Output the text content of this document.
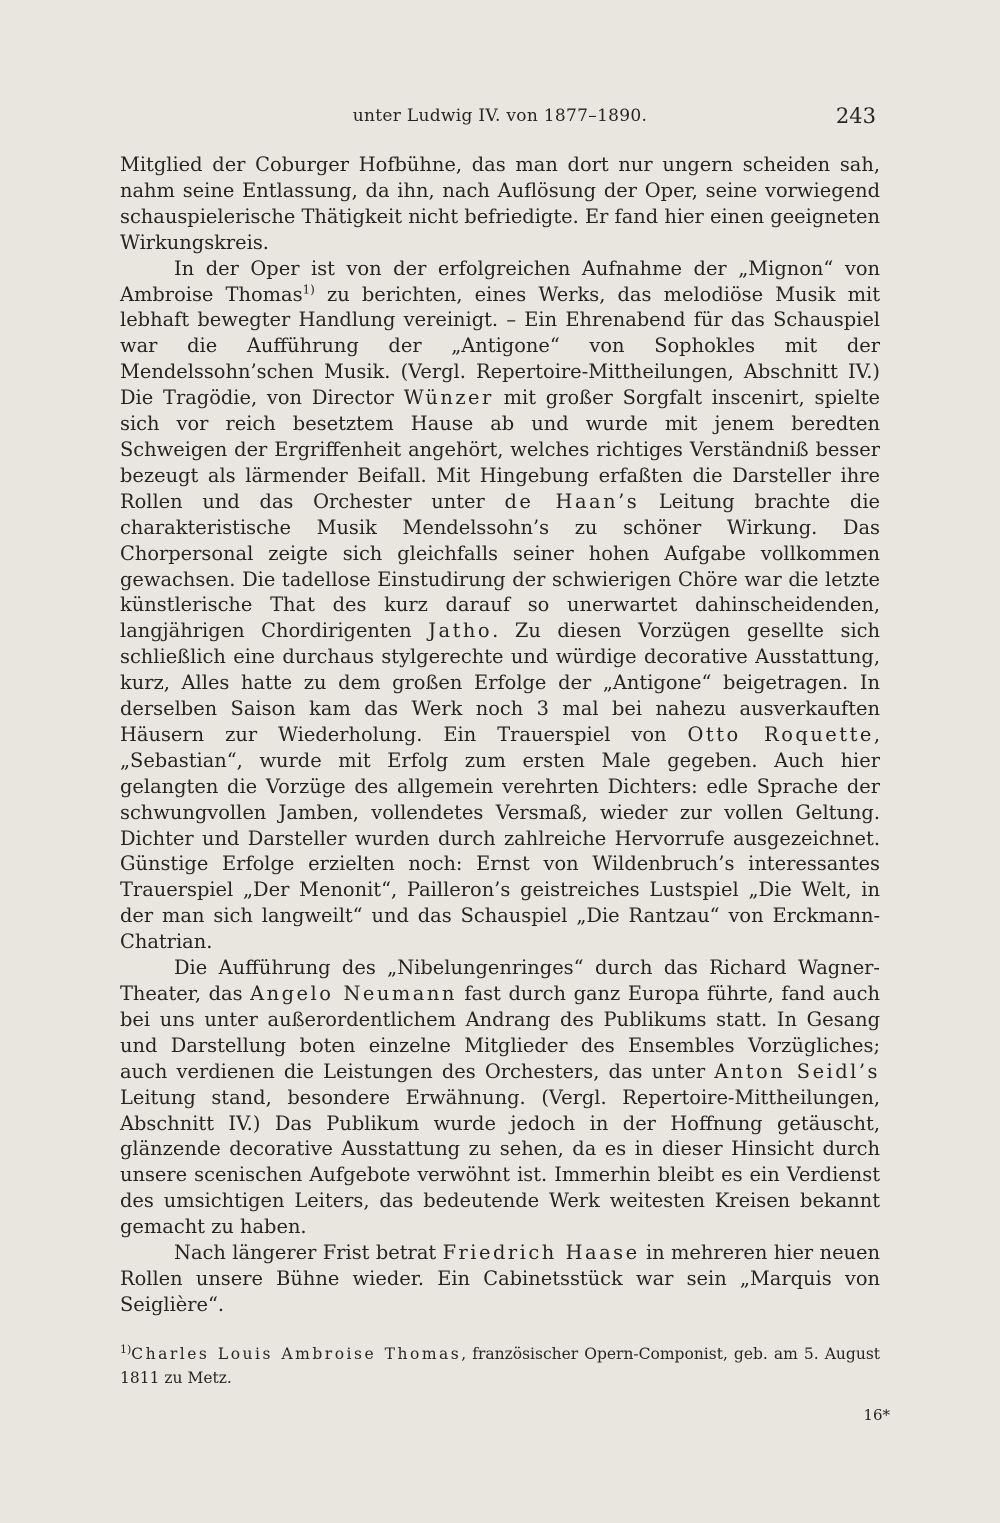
unter Ludwig IV. von 1877–1890.	243

Mitglied der Coburger Hofbühne, das man dort nur ungern scheiden sah, nahm seine Entlassung, da ihn, nach Auflösung der Oper, seine vorwiegend schauspielerische Thätigkeit nicht befriedigte. Er fand hier einen geeigneten Wirkungskreis.

In der Oper ist von der erfolgreichen Aufnahme der „Mignon“ von Ambroise Thomas$^{1)}$ zu berichten, eines Werks, das melodiöse Musik mit lebhaft bewegter Handlung vereinigt. – Ein Ehrenabend für das Schauspiel war die Aufführung der „Antigone“ von Sophokles mit der Mendelssohn’schen Musik. (Vergl. Repertoire-Mittheilungen, Abschnitt IV.) Die Tragödie, von Director Wünzer mit großer Sorgfalt inscenirt, spielte sich vor reich besetztem Hause ab und wurde mit jenem beredten Schweigen der Ergriffenheit angehört, welches richtiges Verständniß besser bezeugt als lärmender Beifall. Mit Hingebung erfaßten die Darsteller ihre Rollen und das Orchester unter de Haan’s Leitung brachte die charakteristische Musik Mendelssohn’s zu schöner Wirkung. Das Chorpersonal zeigte sich gleichfalls seiner hohen Aufgabe vollkommen gewachsen. Die tadellose Einstudirung der schwierigen Chöre war die letzte künstlerische That des kurz darauf so unerwartet dahinscheidenden, langjährigen Chordirigenten Jatho. Zu diesen Vorzügen gesellte sich schließlich eine durchaus stylgerechte und würdige decorative Ausstattung, kurz, Alles hatte zu dem großen Erfolge der „Antigone“ beigetragen. In derselben Saison kam das Werk noch 3 mal bei nahezu ausverkauften Häusern zur Wiederholung. Ein Trauerspiel von Otto Roquette, „Sebastian“, wurde mit Erfolg zum ersten Male gegeben. Auch hier gelangten die Vorzüge des allgemein verehrten Dichters: edle Sprache der schwungvollen Jamben, vollendetes Versmaß, wieder zur vollen Geltung. Dichter und Darsteller wurden durch zahlreiche Hervorrufe ausgezeichnet. Günstige Erfolge erzielten noch: Ernst von Wildenbruch’s interessantes Trauerspiel „Der Menonit“, Pailleron’s geistreiches Lustspiel „Die Welt, in der man sich langweilt“ und das Schauspiel „Die Rantzau“ von Erckmann-Chatrian.

Die Aufführung des „Nibelungenringes“ durch das Richard Wagner-Theater, das Angelo Neumann fast durch ganz Europa führte, fand auch bei uns unter außerordentlichem Andrang des Publikums statt. In Gesang und Darstellung boten einzelne Mitglieder des Ensembles Vorzügliches; auch verdienen die Leistungen des Orchesters, das unter Anton Seidl’s Leitung stand, besondere Erwähnung. (Vergl. Repertoire-Mittheilungen, Abschnitt IV.) Das Publikum wurde jedoch in der Hoffnung getäuscht, glänzende decorative Ausstattung zu sehen, da es in dieser Hinsicht durch unsere scenischen Aufgebote verwöhnt ist. Immerhin bleibt es ein Verdienst des umsichtigen Leiters, das bedeutende Werk weitesten Kreisen bekannt gemacht zu haben.

Nach längerer Frist betrat Friedrich Haase in mehreren hier neuen Rollen unsere Bühne wieder. Ein Cabinetsstück war sein „Marquis von Seiglière“.

$^{1)}$Charles Louis Ambroise Thomas, französischer Opern-Componist, geb. am 5. August 1811 zu Metz.
16*
